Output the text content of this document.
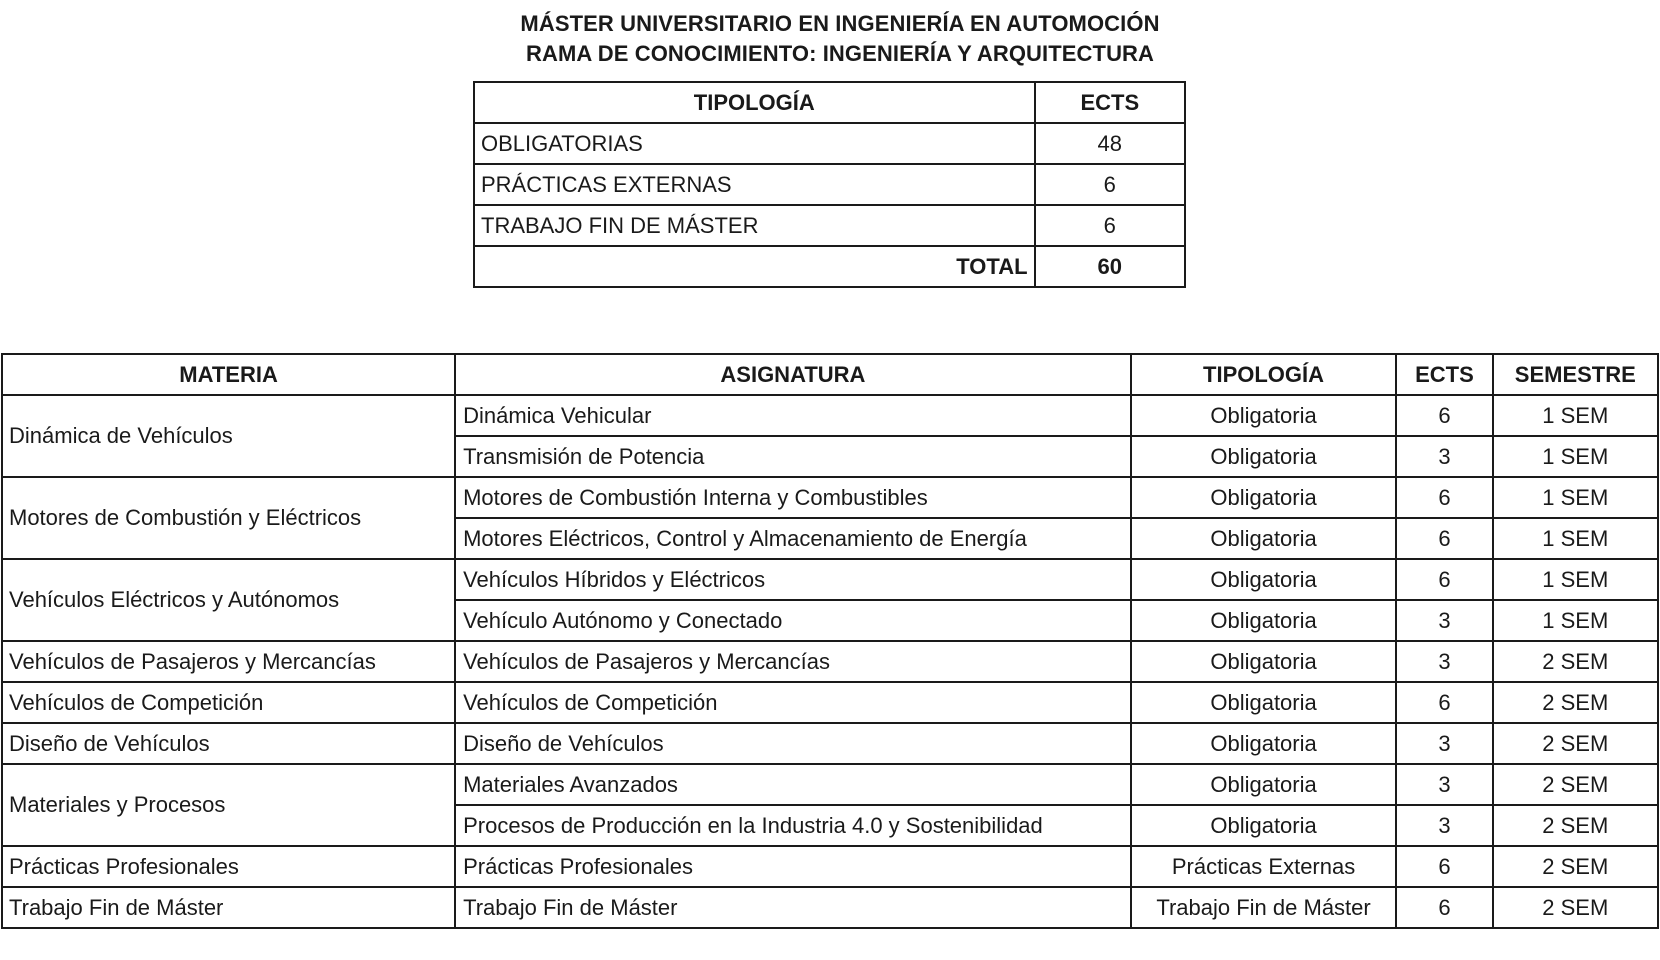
MÁSTER UNIVERSITARIO EN INGENIERÍA EN AUTOMOCIÓN
RAMA DE CONOCIMIENTO: INGENIERÍA Y ARQUITECTURA
TIPOLOGÍA	ECTS
OBLIGATORIAS	48
PRÁCTICAS EXTERNAS	6
TRABAJO FIN DE MÁSTER	6
TOTAL	60
MATERIA	ASIGNATURA	TIPOLOGÍA	ECTS	SEMESTRE
Dinámica de Vehículos	Dinámica Vehicular	Obligatoria	6	1 SEM
	Transmisión de Potencia	Obligatoria	3	1 SEM
Motores de Combustión y Eléctricos	Motores de Combustión Interna y Combustibles	Obligatoria	6	1 SEM
	Motores Eléctricos, Control y Almacenamiento de Energía	Obligatoria	6	1 SEM
Vehículos Eléctricos y Autónomos	Vehículos Híbridos y Eléctricos	Obligatoria	6	1 SEM
	Vehículo Autónomo y Conectado	Obligatoria	3	1 SEM
Vehículos de Pasajeros y Mercancías	Vehículos de Pasajeros y Mercancías	Obligatoria	3	2 SEM
Vehículos de Competición	Vehículos de Competición	Obligatoria	6	2 SEM
Diseño de Vehículos	Diseño de Vehículos	Obligatoria	3	2 SEM
Materiales y Procesos	Materiales Avanzados	Obligatoria	3	2 SEM
	Procesos de Producción en la Industria 4.0 y Sostenibilidad	Obligatoria	3	2 SEM
Prácticas Profesionales	Prácticas Profesionales	Prácticas Externas	6	2 SEM
Trabajo Fin de Máster	Trabajo Fin de Máster	Trabajo Fin de Máster	6	2 SEM
